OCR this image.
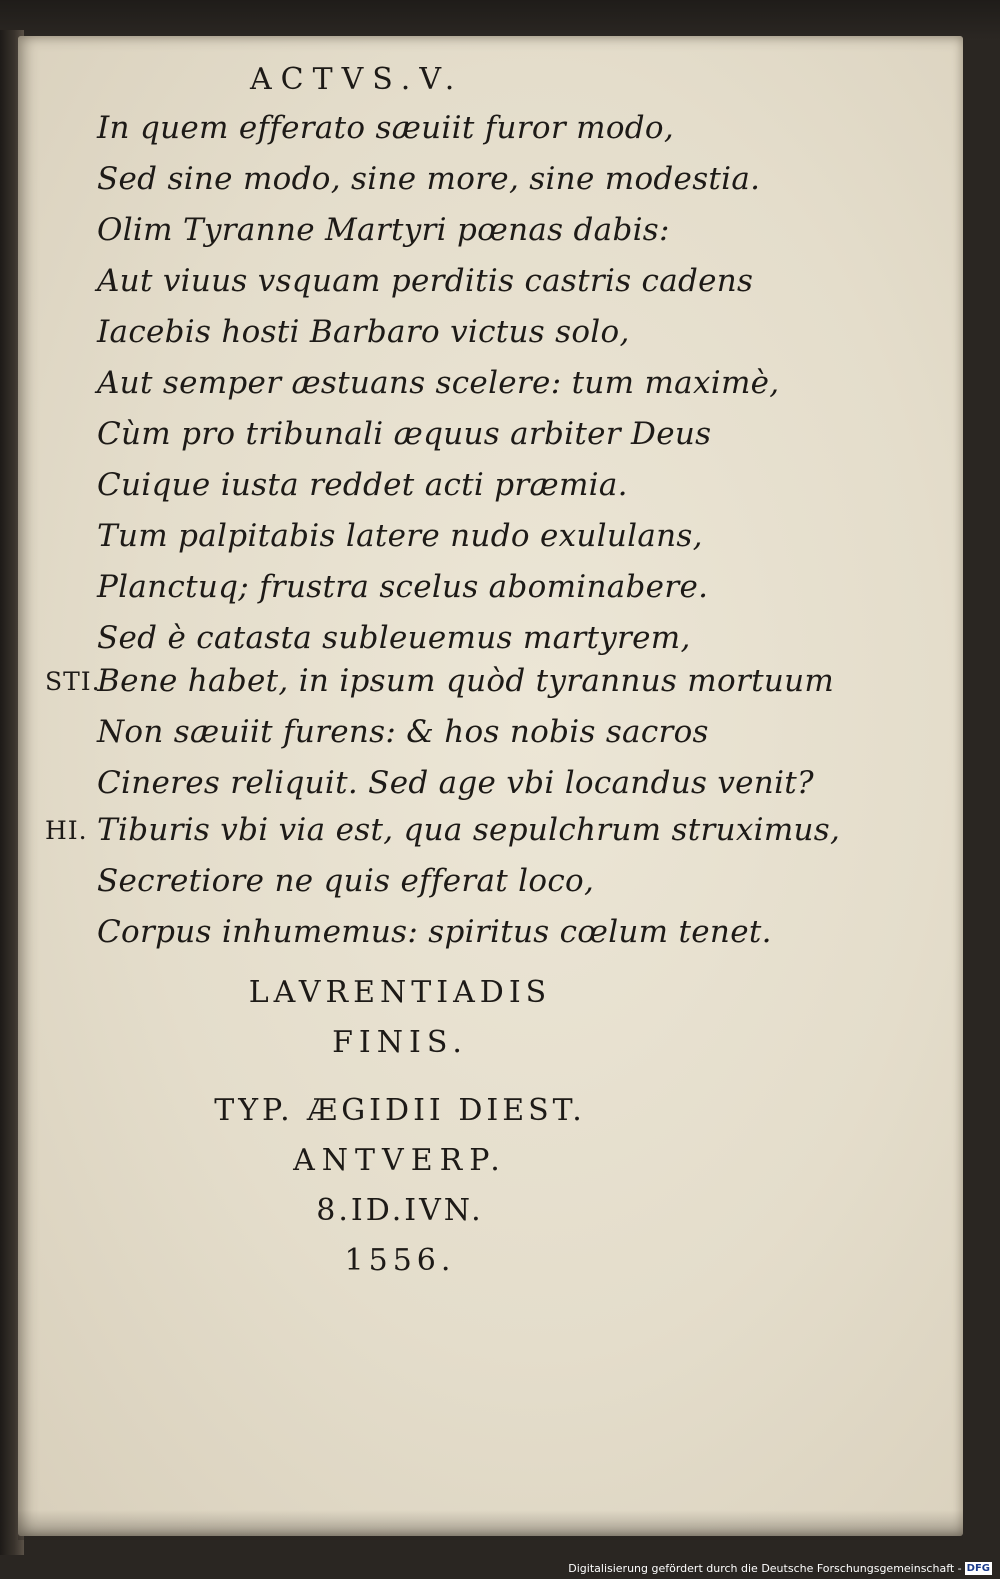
ACTVS.V.

In quem efferato sæuiit furor modo,
Sed sine modo, sine more, sine modestia.
Olim Tyranne Martyri pœnas dabis:
Aut viuus vsquam perditis castris cadens
Iacebis hosti Barbaro victus solo,
Aut semper æstuans scelere: tum maximè,
Cùm pro tribunali æquus arbiter Deus
Cuique iusta reddet acti præmia.
Tum palpitabis latere nudo exululans,
Planctuq; frustra scelus abominabere.
Sed è catasta subleuemus martyrem,
STI.
Bene habet, in ipsum quòd tyrannus mortuum
Non sæuiit furens: & hos nobis sacros
Cineres reliquit. Sed age vbi locandus venit?
HI. Tiburis vbi via est, qua sepulchrum struximus,
Secretiore ne quis efferat loco,
Corpus inhumemus: spiritus cœlum tenet.

LAVRENTIADIS

FINIS.

TYP. ÆGIDII DIEST.

ANTVERP.

8.ID.IVN.

1556.

Digitalisierung gefördert durch die Deutsche Forschungsgemeinschaft - DFG
